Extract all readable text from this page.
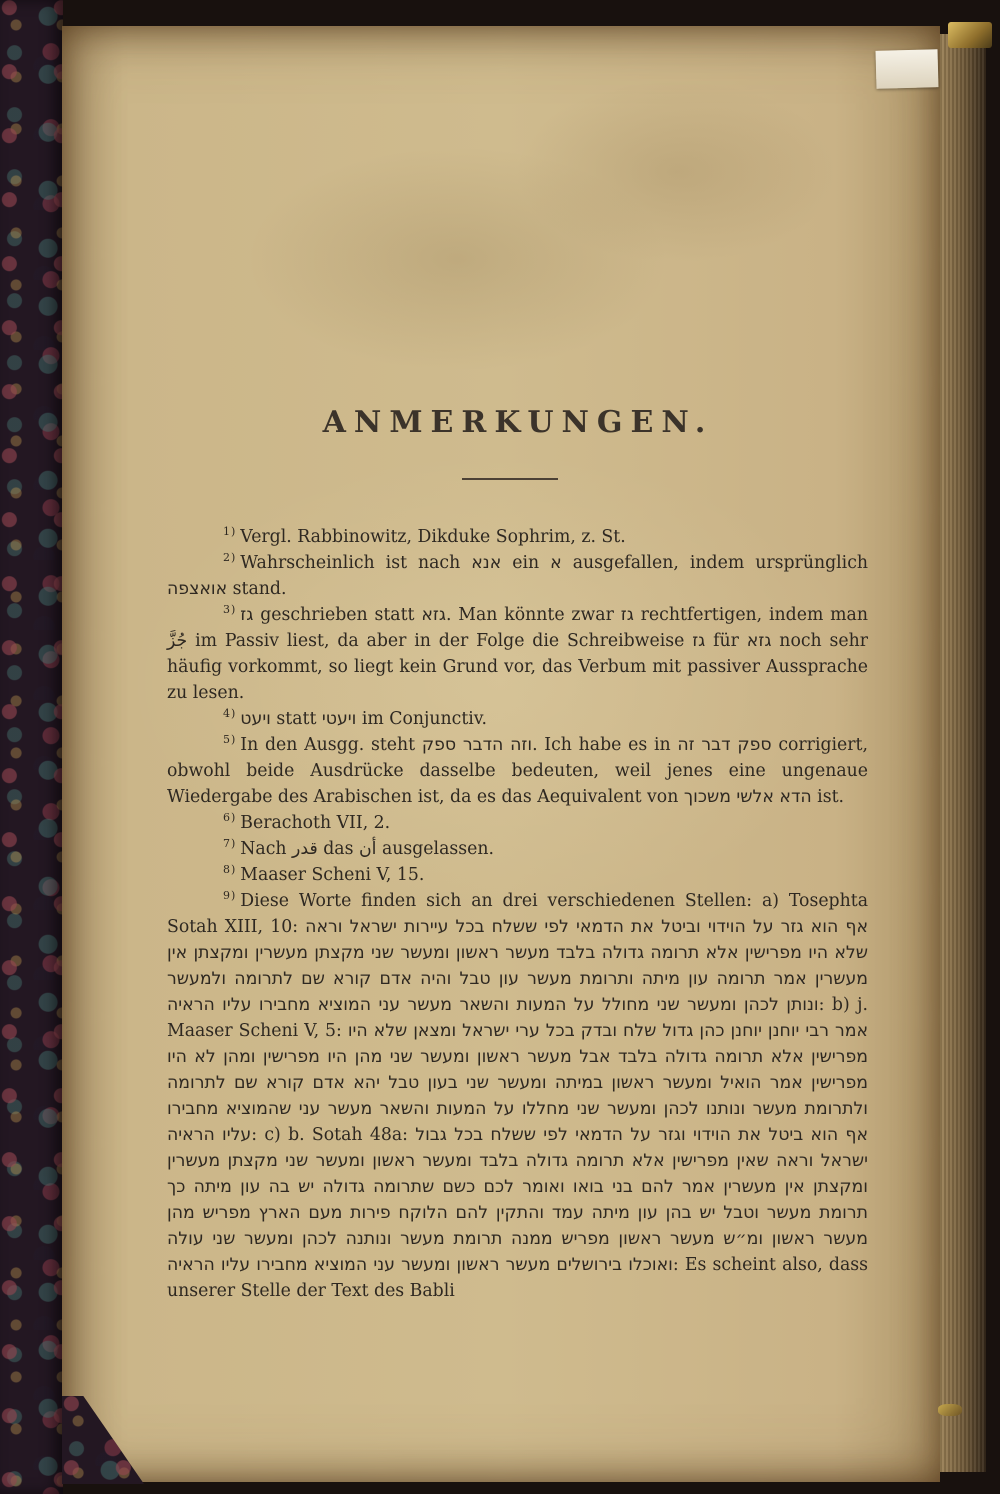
ANMERKUNGEN.

$^{1)}$ Vergl. Rabbinowitz, Dikduke Sophrim, z. St.

$^{2)}$ Wahrscheinlich ist nach אנא ein א ausgefallen, indem ursprünglich אואצפה stand.

$^{3)}$ גז geschrieben statt גזא. Man könnte zwar גז rechtfertigen, indem man جُزَّ im Passiv liest, da aber in der Folge die Schreibweise גז für גזא noch sehr häufig vorkommt, so liegt kein Grund vor, das Verbum mit passiver Aussprache zu lesen.

$^{4)}$ ויעט statt ויעטי im Conjunctiv.

$^{5)}$ In den Ausgg. steht וזה הדבר ספק. Ich habe es in ספק דבר זה corrigiert, obwohl beide Ausdrücke dasselbe bedeuten, weil jenes eine ungenaue Wiedergabe des Arabischen ist, da es das Aequivalent von הדא אלשי משכוך ist.

$^{6)}$ Berachoth VII, 2.

$^{7)}$ Nach قدر das أن ausgelassen.

$^{8)}$ Maaser Scheni V, 15.

$^{9)}$ Diese Worte finden sich an drei verschiedenen Stellen: a) Tosephta Sotah XIII, 10: אף הוא גזר על הוידוי וביטל את הדמאי לפי ששלח בכל עיירות ישראל וראה שלא היו מפרישין אלא תרומה גדולה בלבד מעשר ראשון ומעשר שני מקצתן מעשרין ומקצתן אין מעשרין אמר תרומה עון מיתה ותרומת מעשר עון טבל והיה אדם קורא שם לתרומה ולמעשר ונותן לכהן ומעשר שני מחולל על המעות והשאר מעשר עני המוציא מחבירו עליו הראיה: b) j. Maaser Scheni V, 5: אמר רבי יוחנן יוחנן כהן גדול שלח ובדק בכל ערי ישראל ומצאן שלא היו מפרישין אלא תרומה גדולה בלבד אבל מעשר ראשון ומעשר שני מהן היו מפרישין ומהן לא היו מפרישין אמר הואיל ומעשר ראשון במיתה ומעשר שני בעון טבל יהא אדם קורא שם לתרומה ולתרומת מעשר ונותנו לכהן ומעשר שני מחללו על המעות והשאר מעשר עני שהמוציא מחבירו עליו הראיה: c) b. Sotah 48a: אף הוא ביטל את הוידוי וגזר על הדמאי לפי ששלח בכל גבול ישראל וראה שאין מפרישין אלא תרומה גדולה בלבד ומעשר ראשון ומעשר שני מקצתן מעשרין ומקצתן אין מעשרין אמר להם בני בואו ואומר לכם כשם שתרומה גדולה יש בה עון מיתה כך תרומת מעשר וטבל יש בהן עון מיתה עמד והתקין להם הלוקח פירות מעם הארץ מפריש מהן מעשר ראשון ומ״ש מעשר ראשון מפריש ממנה תרומת מעשר ונותנה לכהן ומעשר שני עולה ואוכלו בירושלים מעשר ראשון ומעשר עני המוציא מחבירו עליו הראיה: Es scheint also, dass unserer Stelle der Text des Babli
